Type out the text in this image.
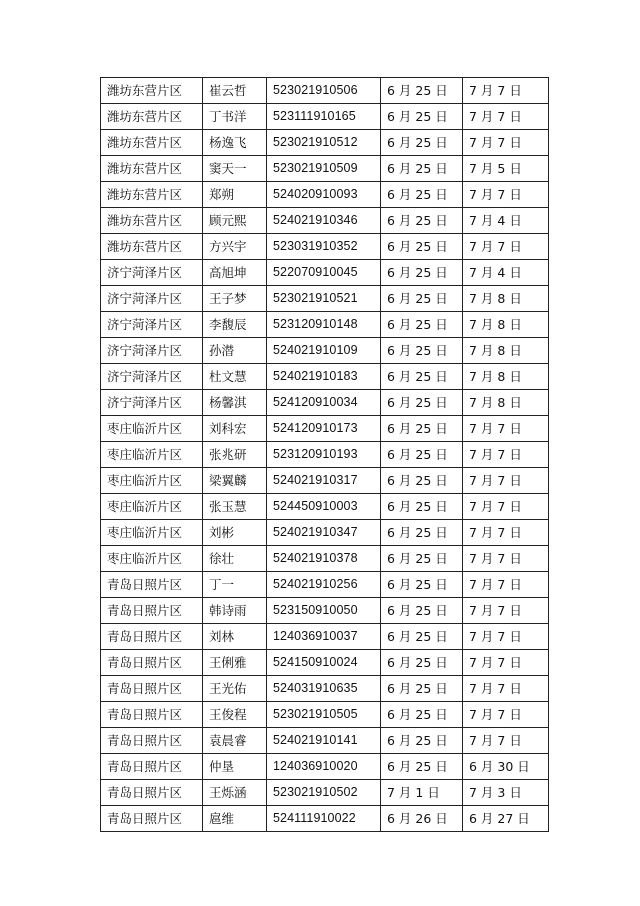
潍坊东营片区	崔云哲	523021910506	6 月 25 日	7 月 7 日
潍坊东营片区	丁书洋	523111910165	6 月 25 日	7 月 7 日
潍坊东营片区	杨逸飞	523021910512	6 月 25 日	7 月 7 日
潍坊东营片区	窦天一	523021910509	6 月 25 日	7 月 5 日
潍坊东营片区	郑朔	524020910093	6 月 25 日	7 月 7 日
潍坊东营片区	顾元熙	524021910346	6 月 25 日	7 月 4 日
潍坊东营片区	方兴宇	523031910352	6 月 25 日	7 月 7 日
济宁菏泽片区	高旭坤	522070910045	6 月 25 日	7 月 4 日
济宁菏泽片区	王子梦	523021910521	6 月 25 日	7 月 8 日
济宁菏泽片区	李馥辰	523120910148	6 月 25 日	7 月 8 日
济宁菏泽片区	孙潜	524021910109	6 月 25 日	7 月 8 日
济宁菏泽片区	杜文慧	524021910183	6 月 25 日	7 月 8 日
济宁菏泽片区	杨馨淇	524120910034	6 月 25 日	7 月 8 日
枣庄临沂片区	刘科宏	524120910173	6 月 25 日	7 月 7 日
枣庄临沂片区	张兆研	523120910193	6 月 25 日	7 月 7 日
枣庄临沂片区	梁翼麟	524021910317	6 月 25 日	7 月 7 日
枣庄临沂片区	张玉慧	524450910003	6 月 25 日	7 月 7 日
枣庄临沂片区	刘彬	524021910347	6 月 25 日	7 月 7 日
枣庄临沂片区	徐壮	524021910378	6 月 25 日	7 月 7 日
青岛日照片区	丁一	524021910256	6 月 25 日	7 月 7 日
青岛日照片区	韩诗雨	523150910050	6 月 25 日	7 月 7 日
青岛日照片区	刘林	124036910037	6 月 25 日	7 月 7 日
青岛日照片区	王俐雅	524150910024	6 月 25 日	7 月 7 日
青岛日照片区	王光佑	524031910635	6 月 25 日	7 月 7 日
青岛日照片区	王俊程	523021910505	6 月 25 日	7 月 7 日
青岛日照片区	袁晨睿	524021910141	6 月 25 日	7 月 7 日
青岛日照片区	仲垦	124036910020	6 月 25 日	6 月 30 日
青岛日照片区	王烁涵	523021910502	7 月 1 日	7 月 3 日
青岛日照片区	扈维	524111910022	6 月 26 日	6 月 27 日
